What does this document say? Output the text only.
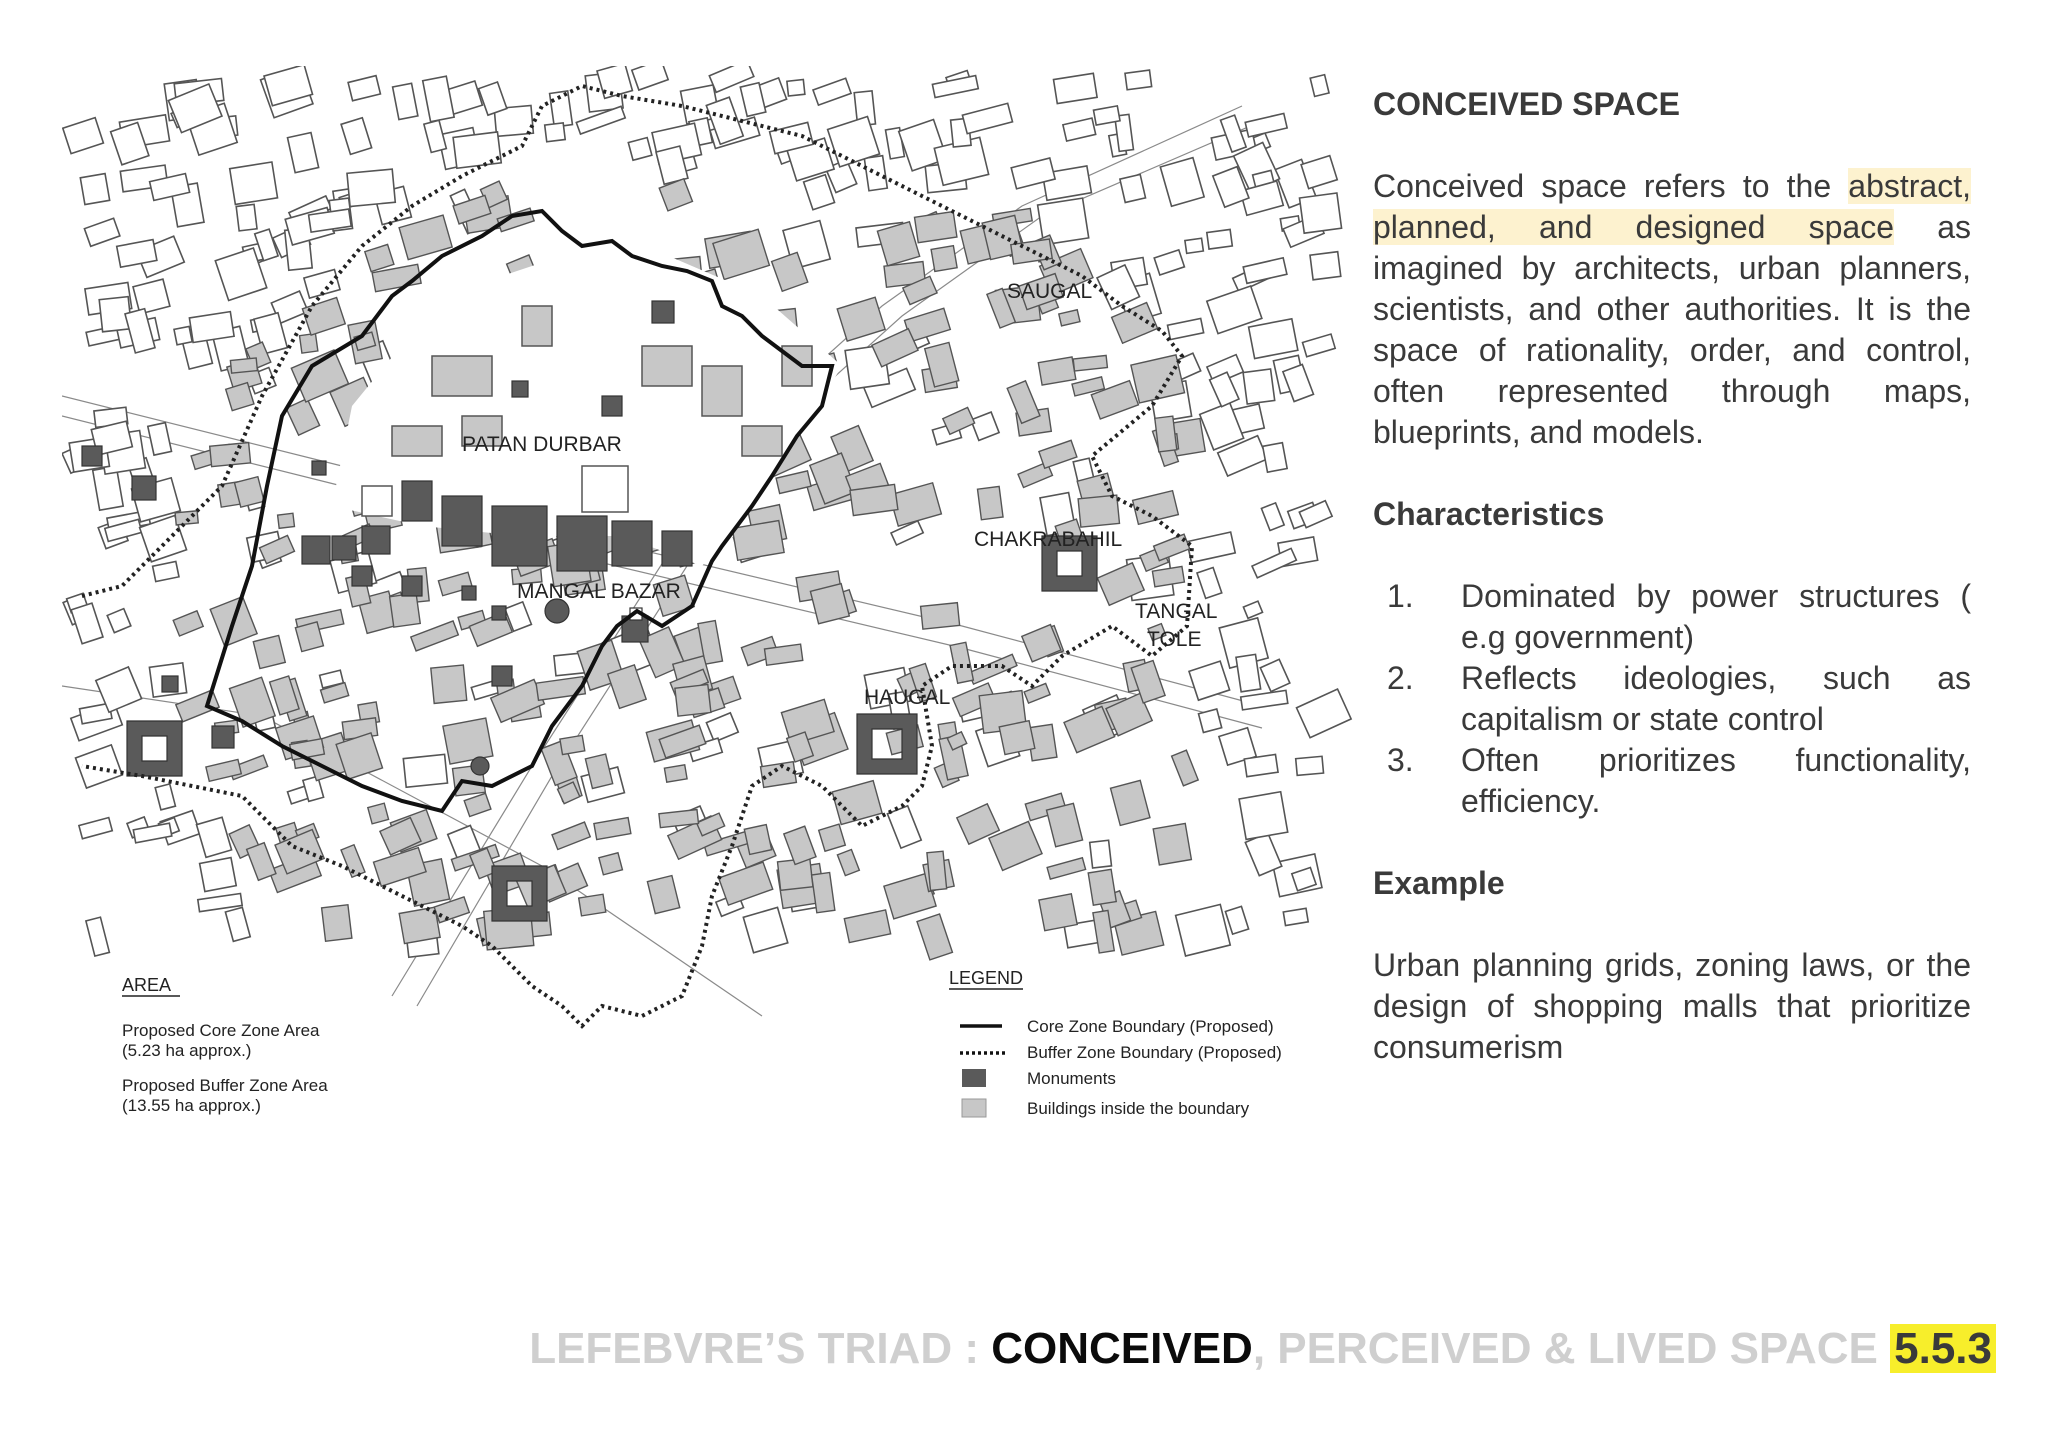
PATAN DURBAR
MANGAL BAZAR
SAUGAL
CHAKRABAHIL
TANGAL
TOLE
HAUGAL
AREA
Proposed Core Zone Area
(5.23 ha approx.)
Proposed Buffer Zone Area
(13.55 ha approx.)
LEGEND
Core Zone Boundary (Proposed)
Buffer Zone Boundary (Proposed)
Monuments
Buildings inside the boundary

CONCEIVED SPACE

Conceived space refers to the abstract, planned, and designed space as imagined by architects, urban planners, scientists, and other authorities. It is the space of rationality, order, and control, often represented through maps, blueprints, and models.

Characteristics

1. Dominated by power structures ( e.g government)
2. Reflects ideologies, such as capitalism or state control
3. Often prioritizes functionality, efficiency.

Example

Urban planning grids, zoning laws, or the design of shopping malls that prioritize consumerism

LEFEBVRE’S TRIAD : CONCEIVED, PERCEIVED & LIVED SPACE 5.5.3
